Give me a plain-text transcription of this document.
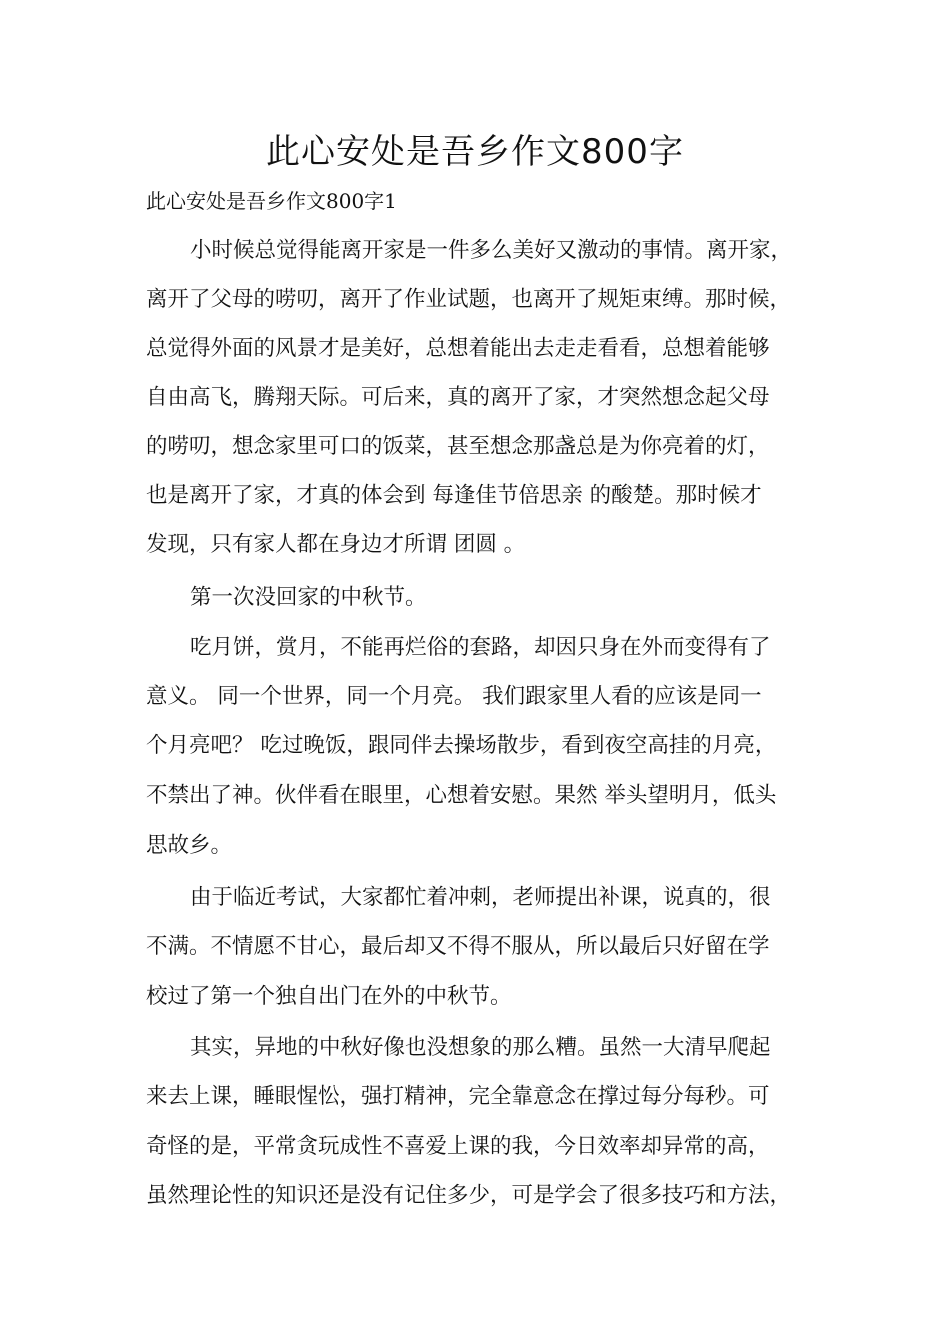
此心安处是吾乡作文800字

此心安处是吾乡作文800字1

小时候总觉得能离开家是一件多么美好又激动的事情。离开家，

离开了父母的唠叨，离开了作业试题，也离开了规矩束缚。那时候，

总觉得外面的风景才是美好，总想着能出去走走看看，总想着能够

自由高飞，腾翔天际。可后来，真的离开了家，才突然想念起父母

的唠叨，想念家里可口的饭菜，甚至想念那盏总是为你亮着的灯，

也是离开了家，才真的体会到 每逢佳节倍思亲 的酸楚。那时候才

发现，只有家人都在身边才所谓 团圆 。

第一次没回家的中秋节。

吃月饼，赏月，不能再烂俗的套路，却因只身在外而变得有了

意义。 同一个世界，同一个月亮。 我们跟家里人看的应该是同一

个月亮吧？ 吃过晚饭，跟同伴去操场散步，看到夜空高挂的月亮，

不禁出了神。伙伴看在眼里，心想着安慰。果然 举头望明月，低头

思故乡。

由于临近考试，大家都忙着冲刺，老师提出补课，说真的，很

不满。不情愿不甘心，最后却又不得不服从，所以最后只好留在学

校过了第一个独自出门在外的中秋节。

其实，异地的中秋好像也没想象的那么糟。虽然一大清早爬起

来去上课，睡眼惺忪，强打精神，完全靠意念在撑过每分每秒。可

奇怪的是，平常贪玩成性不喜爱上课的我，今日效率却异常的高，

虽然理论性的知识还是没有记住多少，可是学会了很多技巧和方法，
